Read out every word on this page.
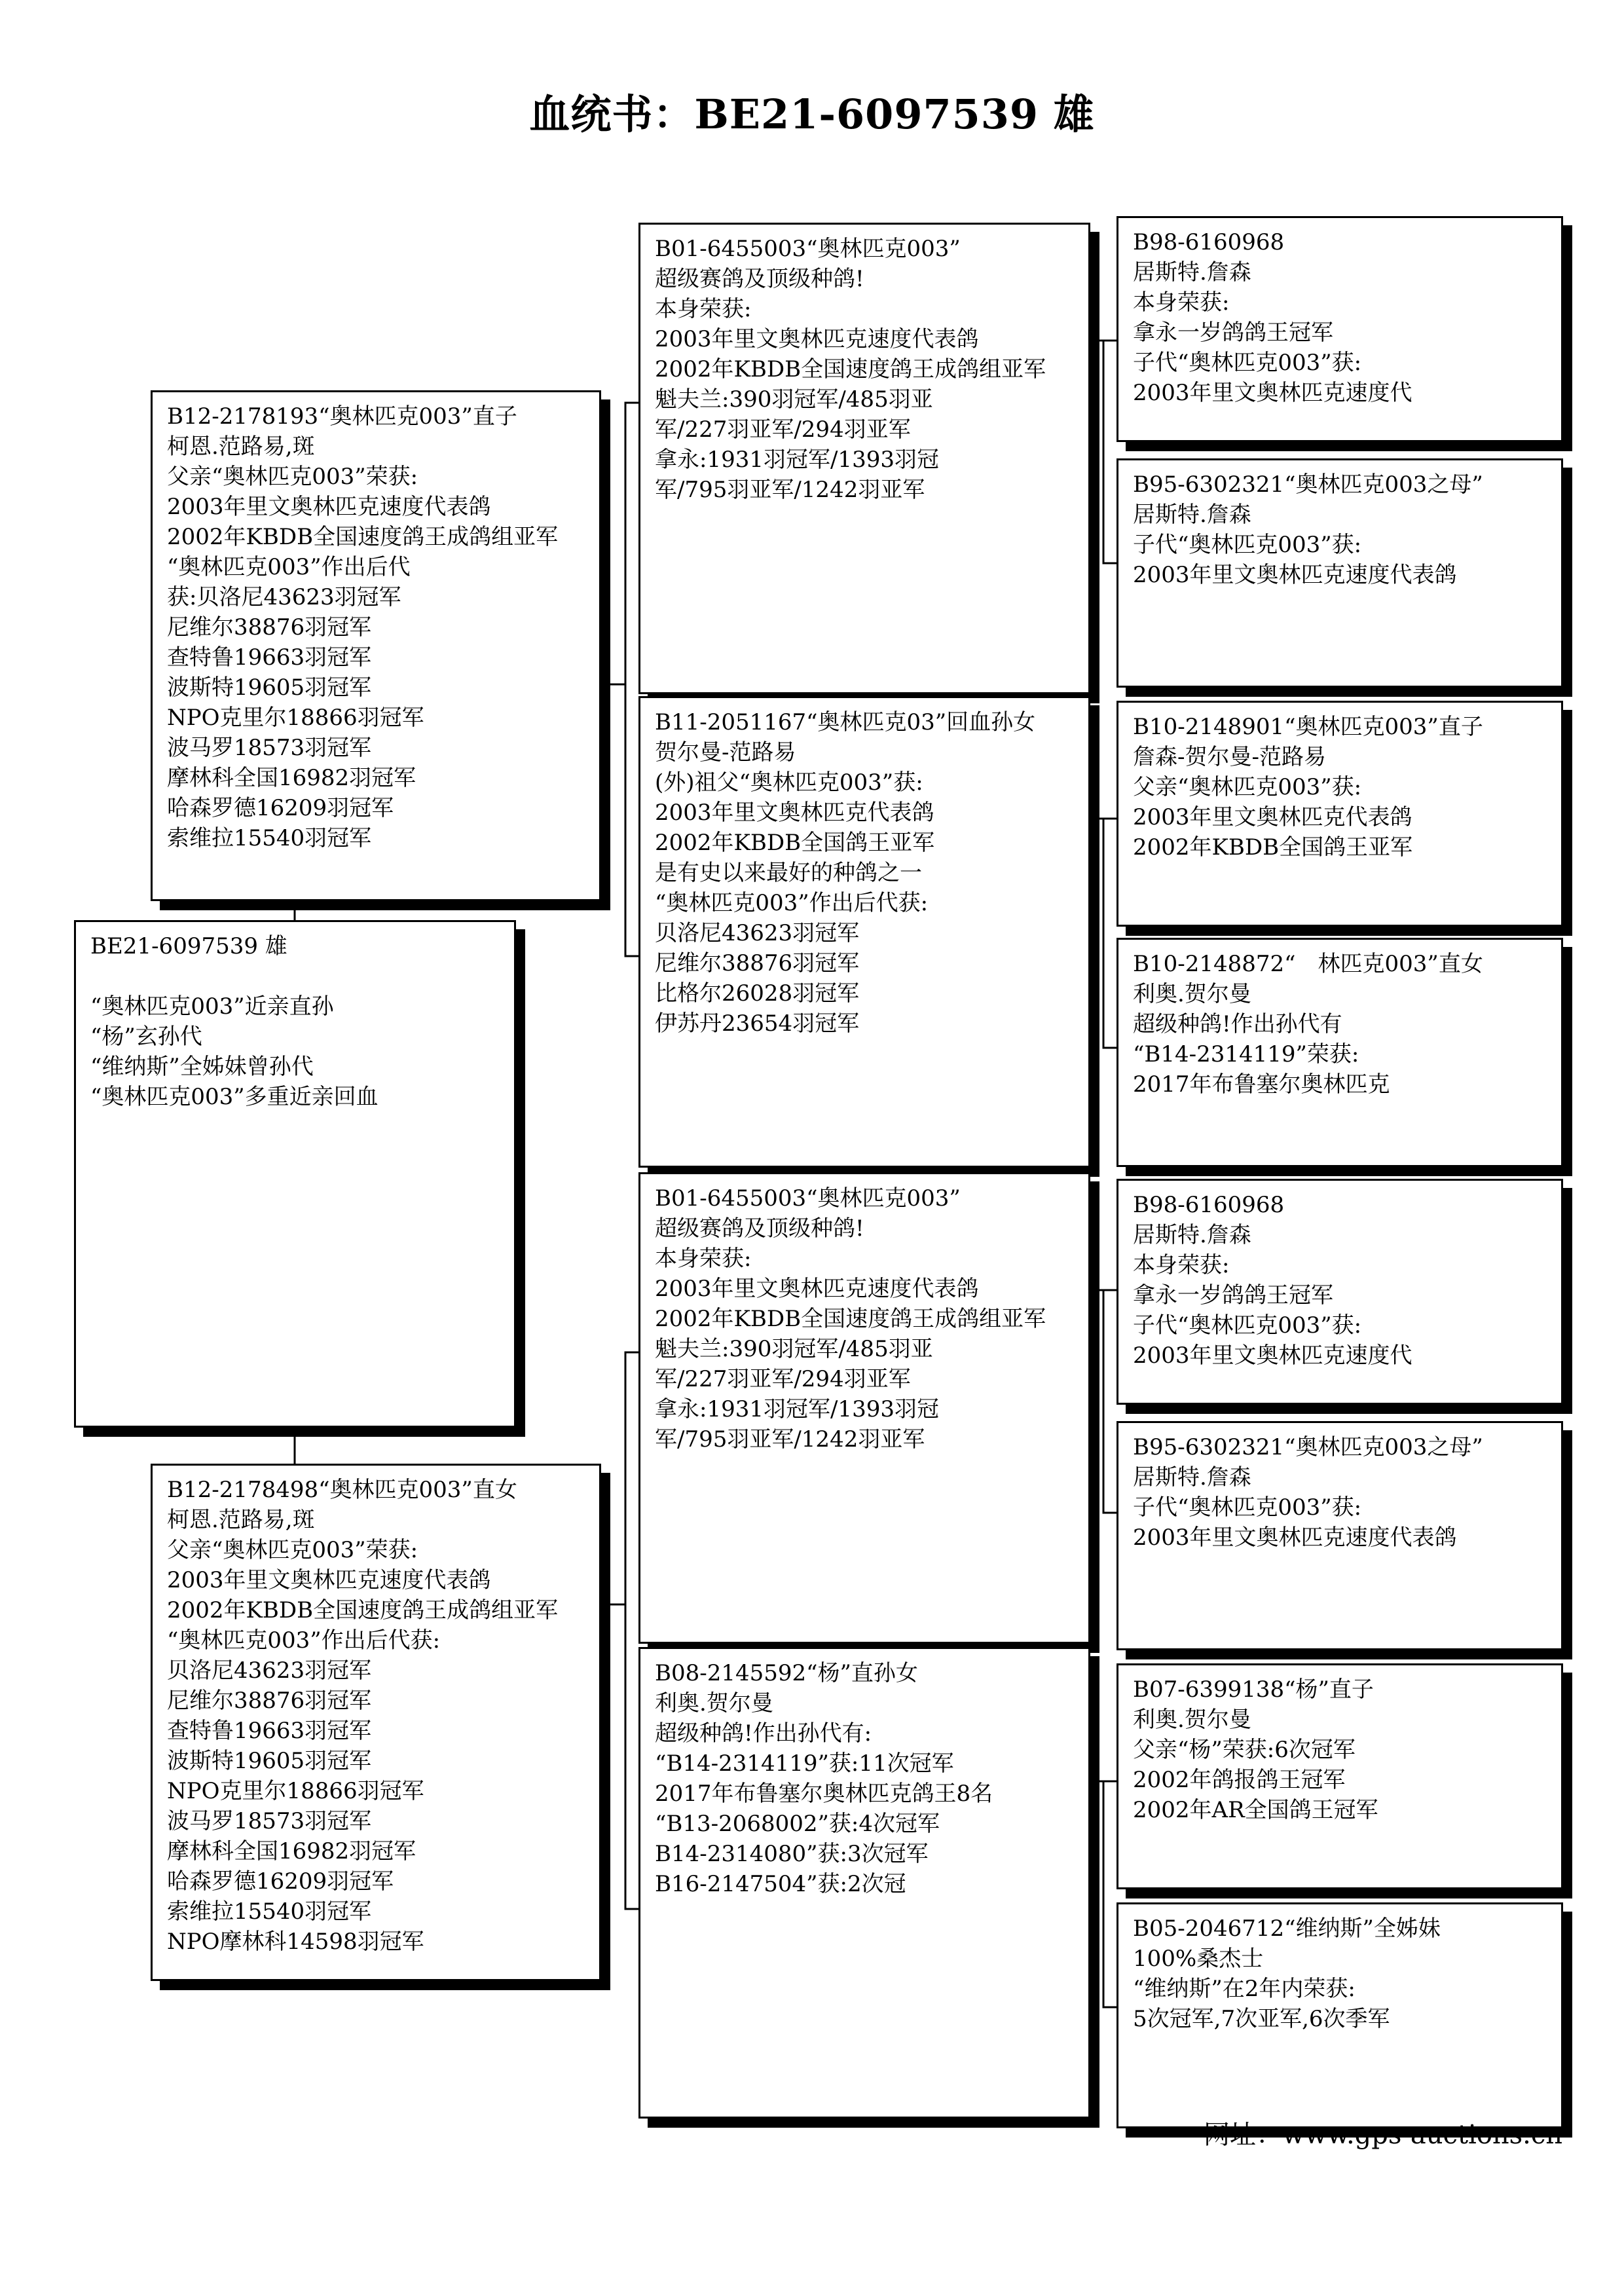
血统书：BE21-6097539 雄
BE21-6097539 雄
“奥林匹克003”近亲直孙
“杨”玄孙代
“维纳斯”全姊妹曾孙代
“奥林匹克003”多重近亲回血
B12-2178193“奥林匹克003”直子
柯恩.范路易,斑
父亲“奥林匹克003”荣获:
2003年里文奥林匹克速度代表鸽
2002年KBDB全国速度鸽王成鸽组亚军
“奥林匹克003”作出后代
获:贝洛尼43623羽冠军
尼维尔38876羽冠军
查特鲁19663羽冠军
波斯特19605羽冠军
NPO克里尔18866羽冠军
波马罗18573羽冠军
摩林科全国16982羽冠军
哈森罗德16209羽冠军
索维拉15540羽冠军
B12-2178498“奥林匹克003”直女
柯恩.范路易,斑
父亲“奥林匹克003”荣获:
2003年里文奥林匹克速度代表鸽
2002年KBDB全国速度鸽王成鸽组亚军
“奥林匹克003”作出后代获:
贝洛尼43623羽冠军
尼维尔38876羽冠军
查特鲁19663羽冠军
波斯特19605羽冠军
NPO克里尔18866羽冠军
波马罗18573羽冠军
摩林科全国16982羽冠军
哈森罗德16209羽冠军
索维拉15540羽冠军
NPO摩林科14598羽冠军
B01-6455003“奥林匹克003”
超级赛鸽及顶级种鸽!
本身荣获:
2003年里文奥林匹克速度代表鸽
2002年KBDB全国速度鸽王成鸽组亚军
魁夫兰:390羽冠军/485羽亚
军/227羽亚军/294羽亚军
拿永:1931羽冠军/1393羽冠
军/795羽亚军/1242羽亚军
B11-2051167“奥林匹克03”回血孙女
贺尔曼-范路易
(外)祖父“奥林匹克003”获:
2003年里文奥林匹克代表鸽
2002年KBDB全国鸽王亚军
是有史以来最好的种鸽之一
“奥林匹克003”作出后代获:
贝洛尼43623羽冠军
尼维尔38876羽冠军
比格尔26028羽冠军
伊苏丹23654羽冠军
B01-6455003“奥林匹克003”
超级赛鸽及顶级种鸽!
本身荣获:
2003年里文奥林匹克速度代表鸽
2002年KBDB全国速度鸽王成鸽组亚军
魁夫兰:390羽冠军/485羽亚
军/227羽亚军/294羽亚军
拿永:1931羽冠军/1393羽冠
军/795羽亚军/1242羽亚军
B08-2145592“杨”直孙女
利奥.贺尔曼
超级种鸽!作出孙代有:
“B14-2314119”获:11次冠军
2017年布鲁塞尔奥林匹克鸽王8名
“B13-2068002”获:4次冠军
B14-2314080”获:3次冠军
B16-2147504”获:2次冠
B98-6160968
居斯特.詹森
本身荣获:
拿永一岁鸽鸽王冠军
子代“奥林匹克003”获:
2003年里文奥林匹克速度代
B95-6302321“奥林匹克003之母”
居斯特.詹森
子代“奥林匹克003”获:
2003年里文奥林匹克速度代表鸽
B10-2148901“奥林匹克003”直子
詹森-贺尔曼-范路易
父亲“奥林匹克003”获:
2003年里文奥林匹克代表鸽
2002年KBDB全国鸽王亚军
B10-2148872“　林匹克003”直女
利奥.贺尔曼
超级种鸽!作出孙代有
“B14-2314119”荣获:
2017年布鲁塞尔奥林匹克
B98-6160968
居斯特.詹森
本身荣获:
拿永一岁鸽鸽王冠军
子代“奥林匹克003”获:
2003年里文奥林匹克速度代
B95-6302321“奥林匹克003之母”
居斯特.詹森
子代“奥林匹克003”获:
2003年里文奥林匹克速度代表鸽
B07-6399138“杨”直子
利奥.贺尔曼
父亲“杨”荣获:6次冠军
2002年鸽报鸽王冠军
2002年AR全国鸽王冠军
B05-2046712“维纳斯”全姊妹
100%桑杰士
“维纳斯”在2年内荣获:
5次冠军,7次亚军,6次季军
网址：www.gps-auctions.cn
